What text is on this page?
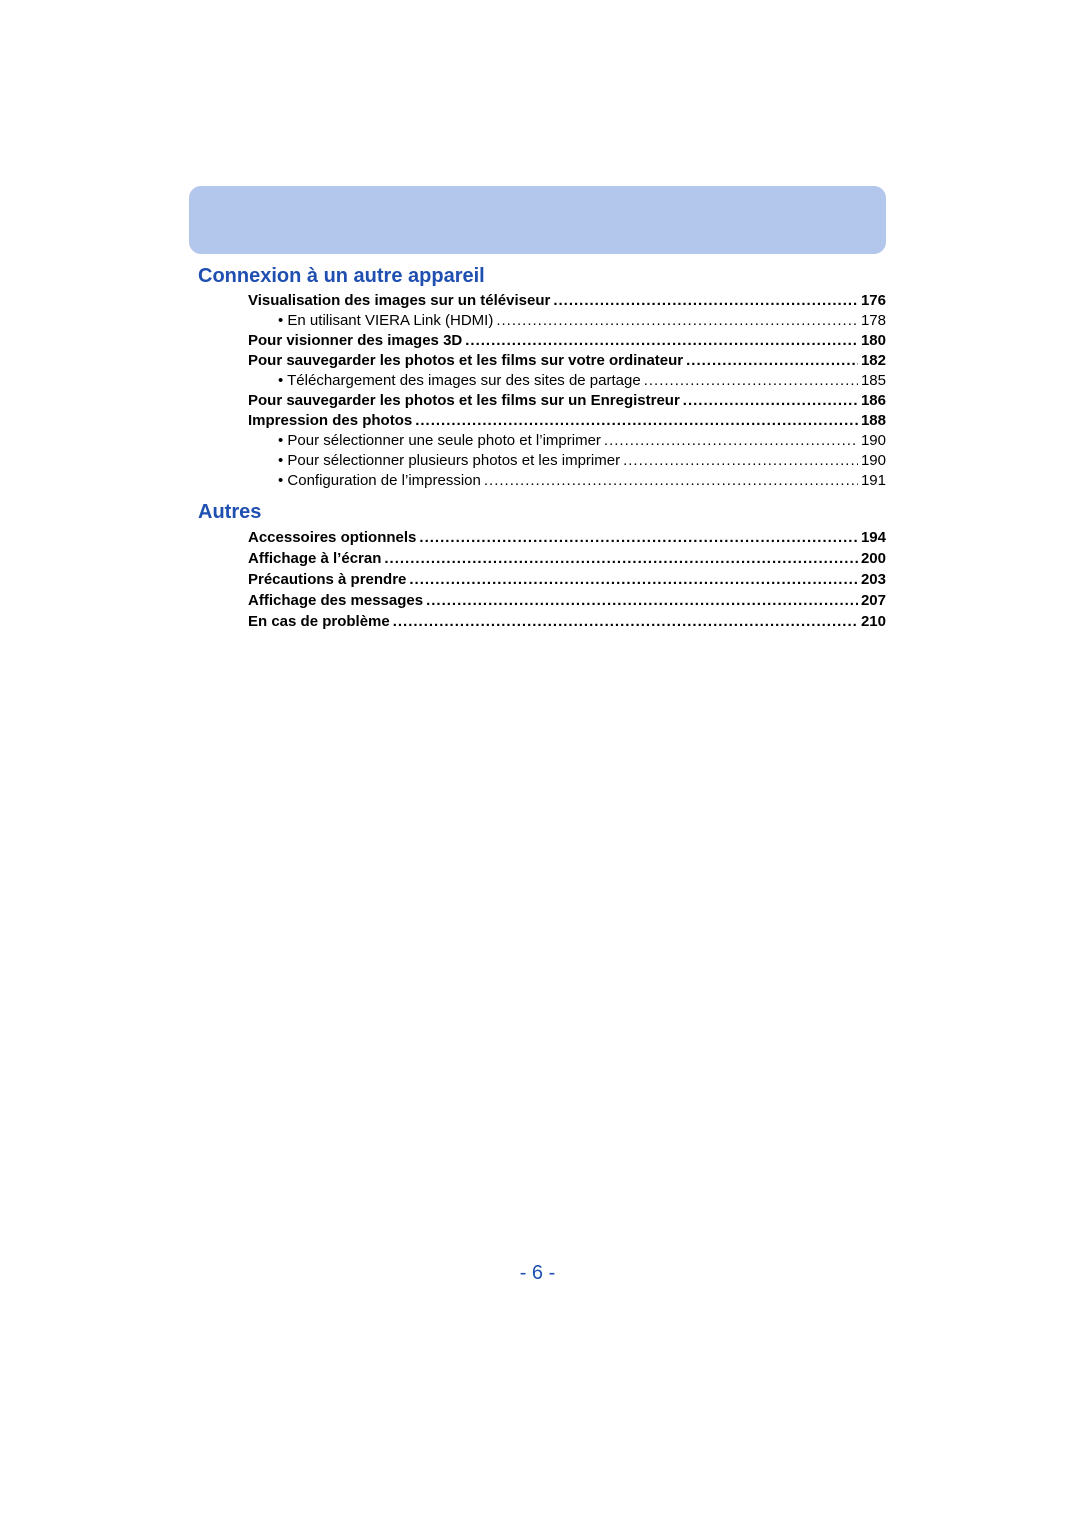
Connexion à un autre appareil
Visualisation des images sur un téléviseur .....	176
• En utilisant VIERA Link (HDMI) .....	178
Pour visionner des images 3D .....	180
Pour sauvegarder les photos et les films sur votre ordinateur .....	182
• Téléchargement des images sur des sites de partage .....	185
Pour sauvegarder les photos et les films sur un Enregistreur .....	186
Impression des photos .....	188
• Pour sélectionner une seule photo et l’imprimer .....	190
• Pour sélectionner plusieurs photos et les imprimer .....	190
• Configuration de l’impression .....	191
Autres
Accessoires optionnels .....	194
Affichage à l’écran .....	200
Précautions à prendre .....	203
Affichage des messages .....	207
En cas de problème .....	210
- 6 -
